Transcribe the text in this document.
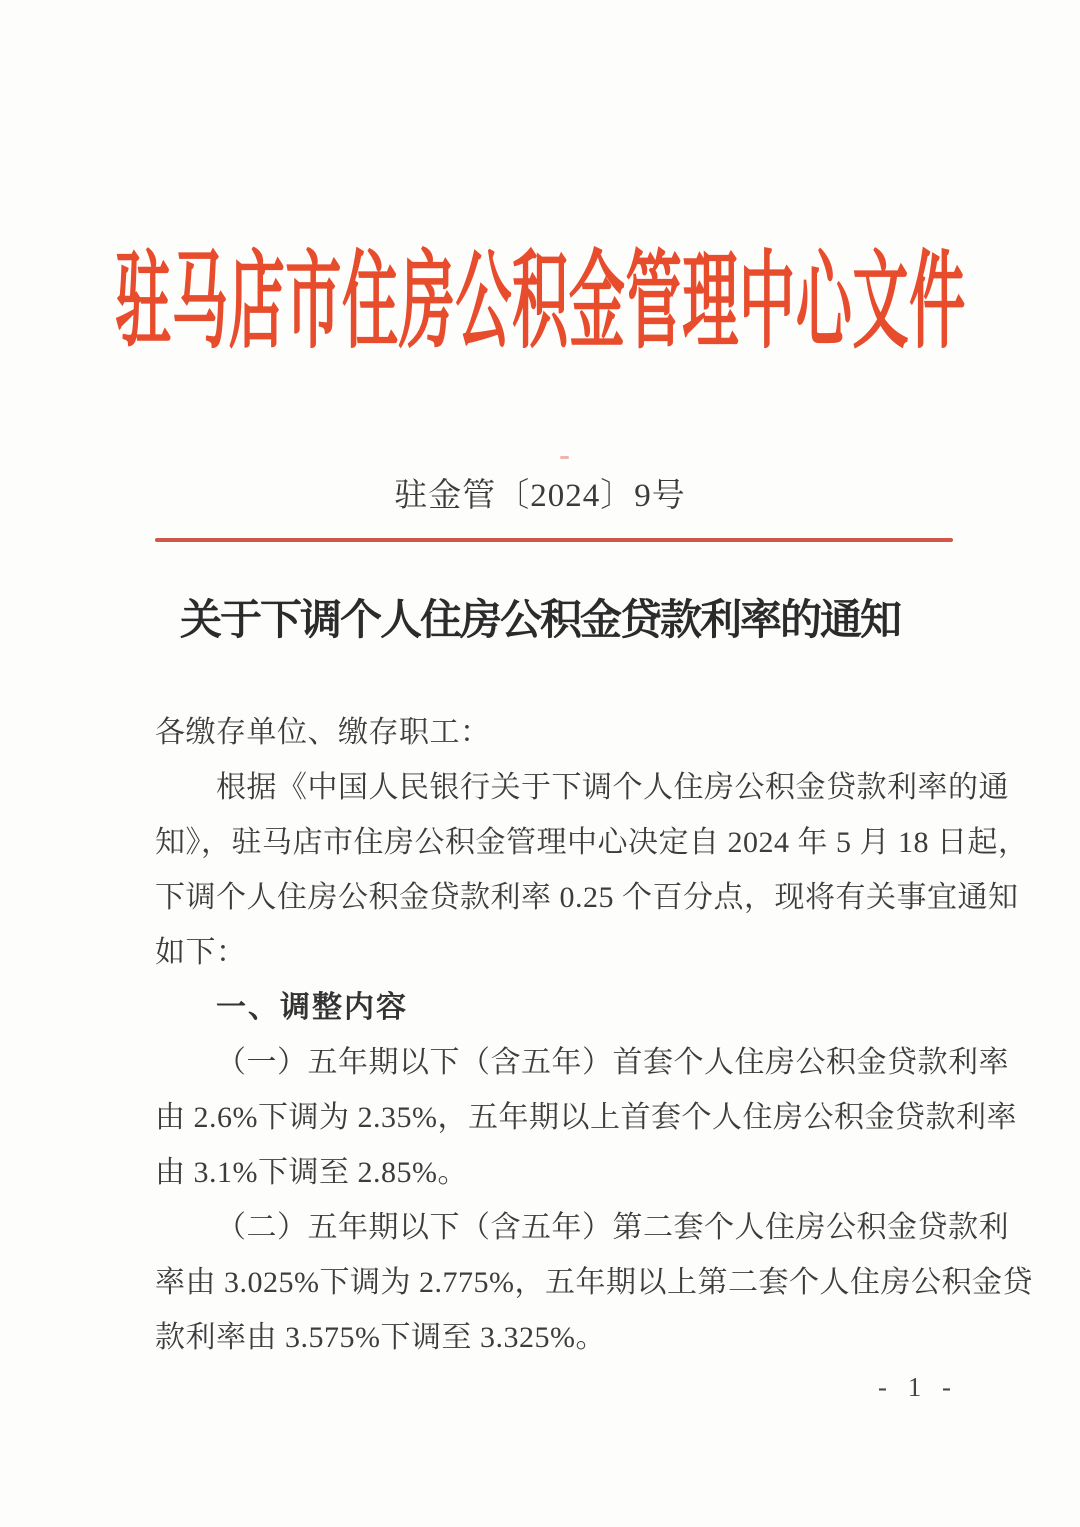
驻马店市住房公积金管理中心文件
驻金管〔2024〕9号
关于下调个人住房公积金贷款利率的通知
各缴存单位、缴存职工：
根据《中国人民银行关于下调个人住房公积金贷款利率的通
知》，驻马店市住房公积金管理中心决定自 2024 年 5 月 18 日起，
下调个人住房公积金贷款利率 0.25 个百分点，现将有关事宜通知
如下：
一、调整内容
（一）五年期以下（含五年）首套个人住房公积金贷款利率
由 2.6%下调为 2.35%，五年期以上首套个人住房公积金贷款利率
由 3.1%下调至 2.85%。
（二）五年期以下（含五年）第二套个人住房公积金贷款利
率由 3.025%下调为 2.775%，五年期以上第二套个人住房公积金贷
款利率由 3.575%下调至 3.325%。
- 1 -
